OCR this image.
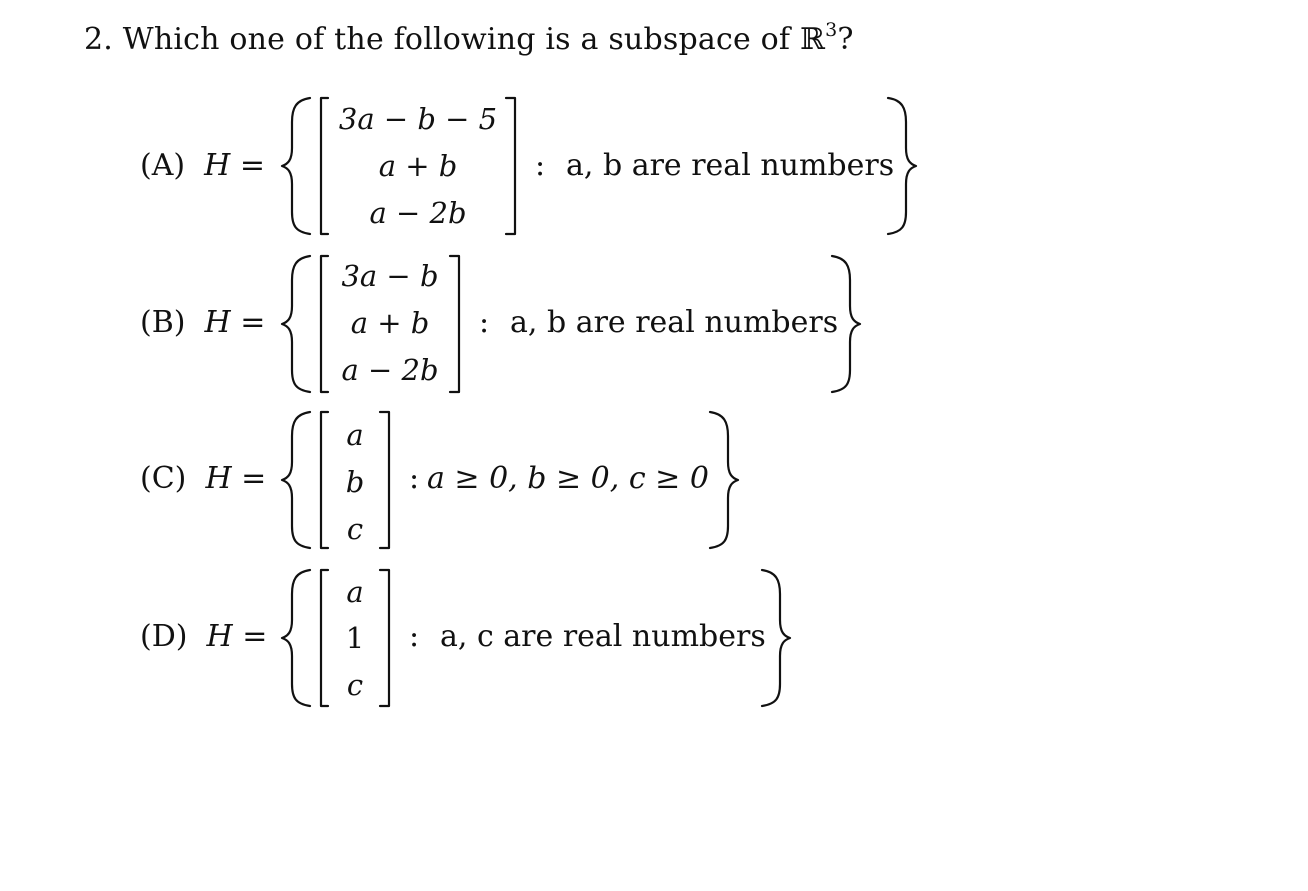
2. Which one of the following is a subspace of ℝ$^3$?
(A) H =
3a − b − 5
a + b
a − 2b
: a, b are real numbers
(B) H =
3a − b
a + b
a − 2b
: a, b are real numbers
(C) H =
a
b
c
: a ≥ 0, b ≥ 0, c ≥ 0
(D) H =
a
1
c
: a, c are real numbers
